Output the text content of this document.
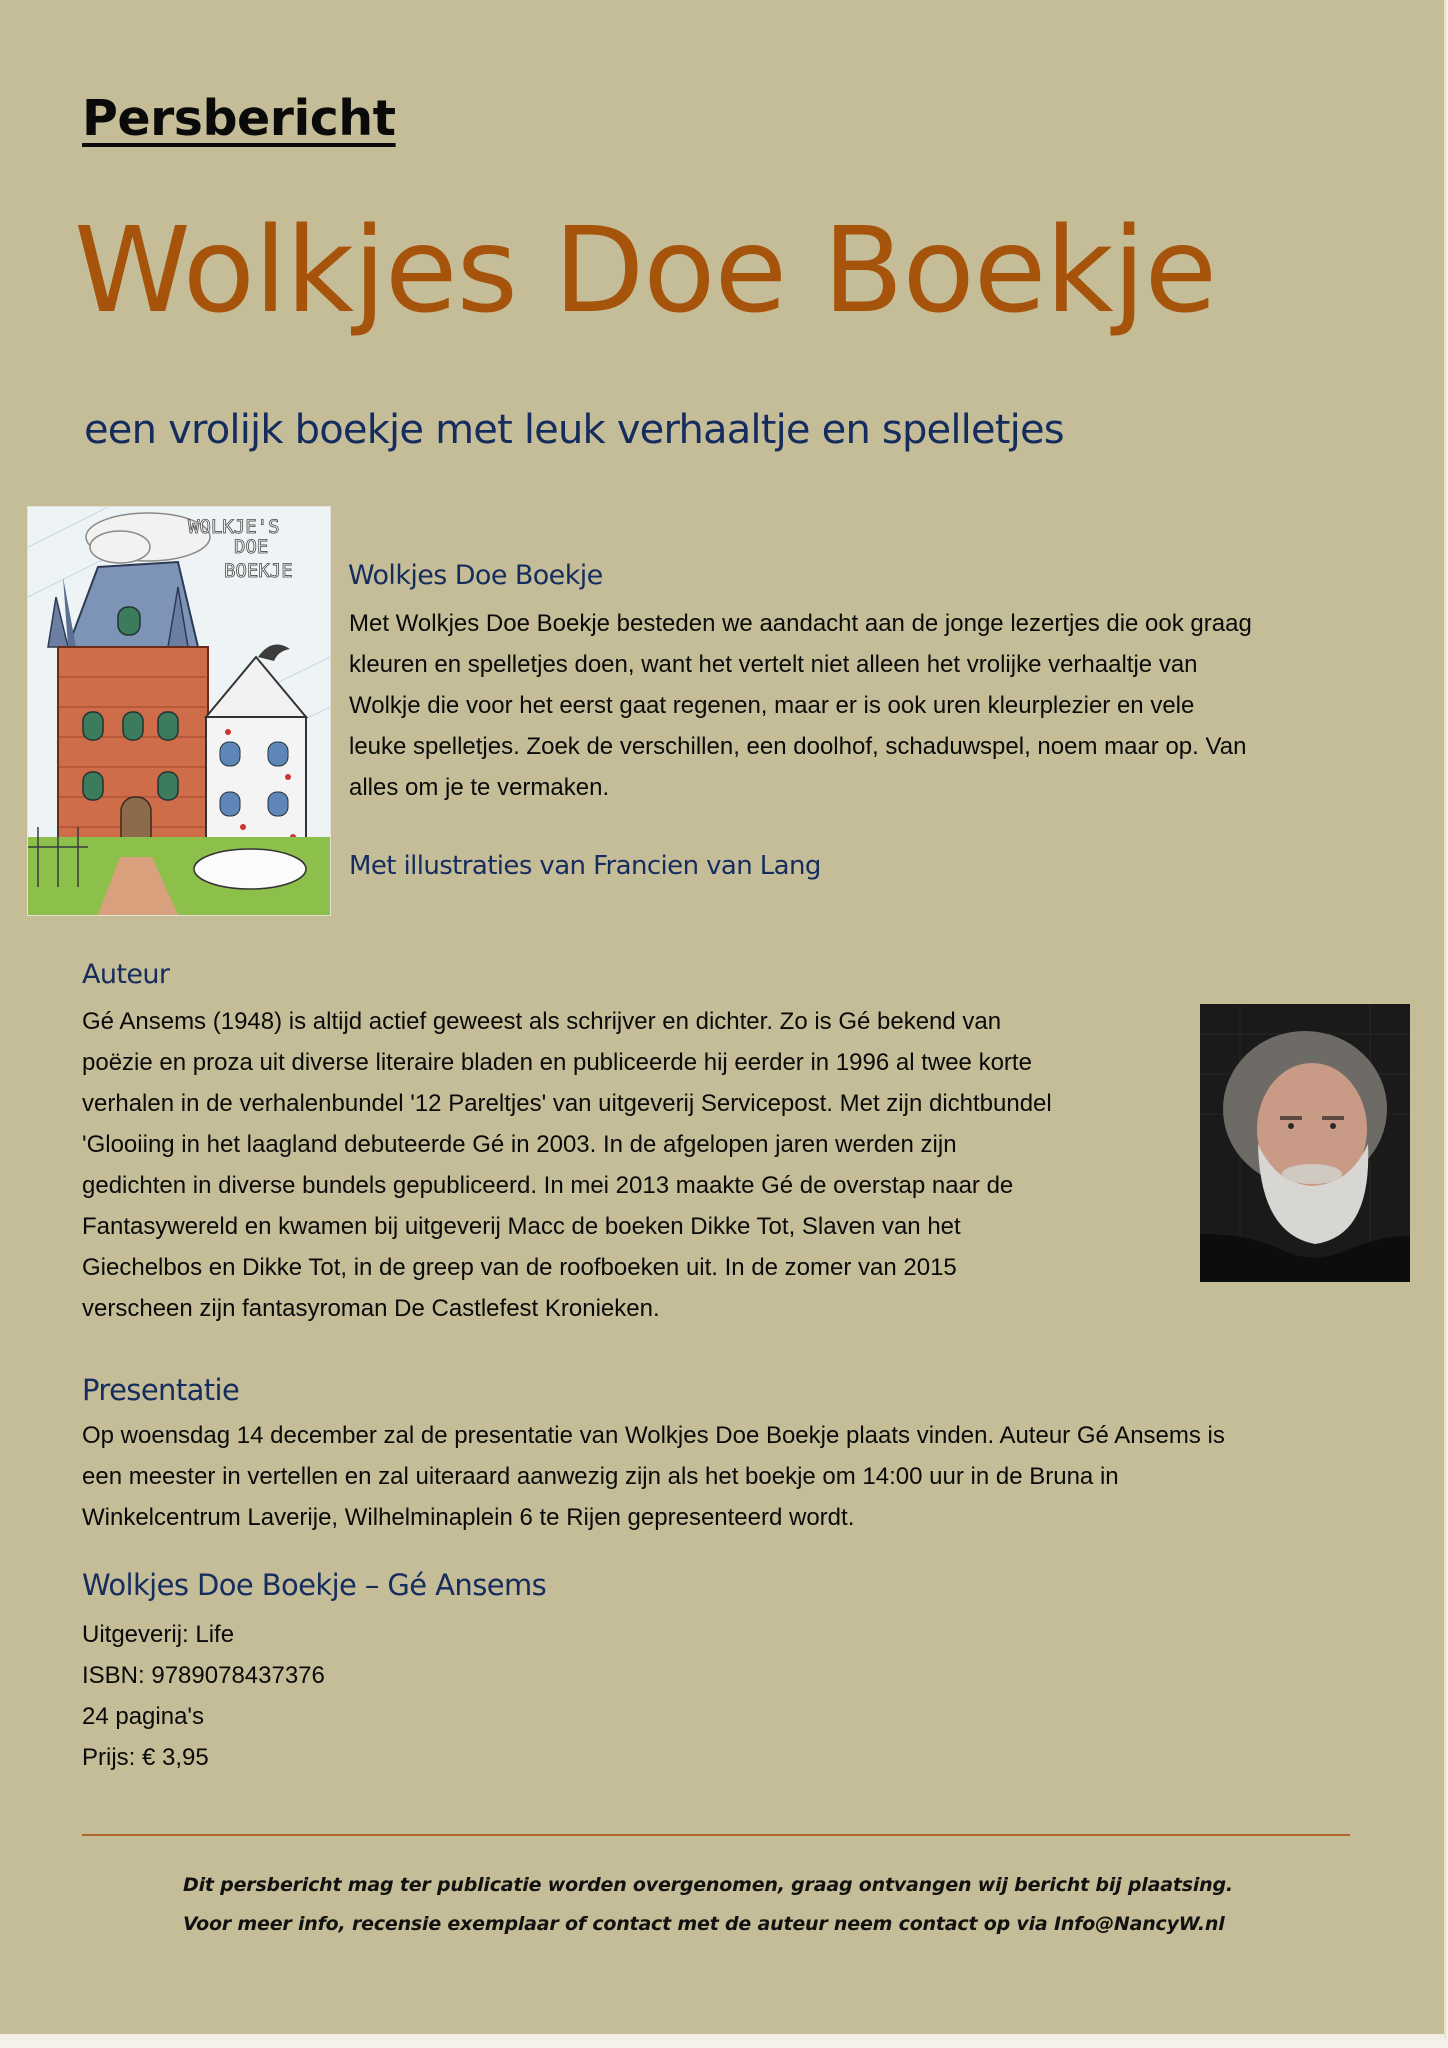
Persbericht
Wolkjes Doe Boekje
een vrolijk boekje met leuk verhaaltje en spelletjes
WOLKJE'S
DOE
BOEKJE Wolkjes Doe Boekje
Met Wolkjes Doe Boekje besteden we aandacht aan de jonge lezertjes die ook graag
kleuren en spelletjes doen, want het vertelt niet alleen het vrolijke verhaaltje van
Wolkje die voor het eerst gaat regenen, maar er is ook uren kleurplezier en vele
leuke spelletjes. Zoek de verschillen, een doolhof, schaduwspel, noem maar op. Van
alles om je te vermaken.
Met illustraties van Francien van Lang
Auteur
Gé Ansems (1948) is altijd actief geweest als schrijver en dichter. Zo is Gé bekend van
poëzie en proza uit diverse literaire bladen en publiceerde hij eerder in 1996 al twee korte
verhalen in de verhalenbundel '12 Pareltjes' van uitgeverij Servicepost. Met zijn dichtbundel
'Glooiing in het laagland debuteerde Gé in 2003. In de afgelopen jaren werden zijn
gedichten in diverse bundels gepubliceerd. In mei 2013 maakte Gé de overstap naar de
Fantasywereld en kwamen bij uitgeverij Macc de boeken Dikke Tot, Slaven van het
Giechelbos en Dikke Tot, in de greep van de roofboeken uit. In de zomer van 2015
verscheen zijn fantasyroman De Castlefest Kronieken.
Presentatie
Op woensdag 14 december zal de presentatie van Wolkjes Doe Boekje plaats vinden. Auteur Gé Ansems is
een meester in vertellen en zal uiteraard aanwezig zijn als het boekje om 14:00 uur in de Bruna in
Winkelcentrum Laverije, Wilhelminaplein 6 te Rijen gepresenteerd wordt.
Wolkjes Doe Boekje – Gé Ansems
Uitgeverij: Life
ISBN: 9789078437376
24 pagina's
Prijs: € 3,95
Dit persbericht mag ter publicatie worden overgenomen, graag ontvangen wij bericht bij plaatsing.
Voor meer info, recensie exemplaar of contact met de auteur neem contact op via Info@NancyW.nl
